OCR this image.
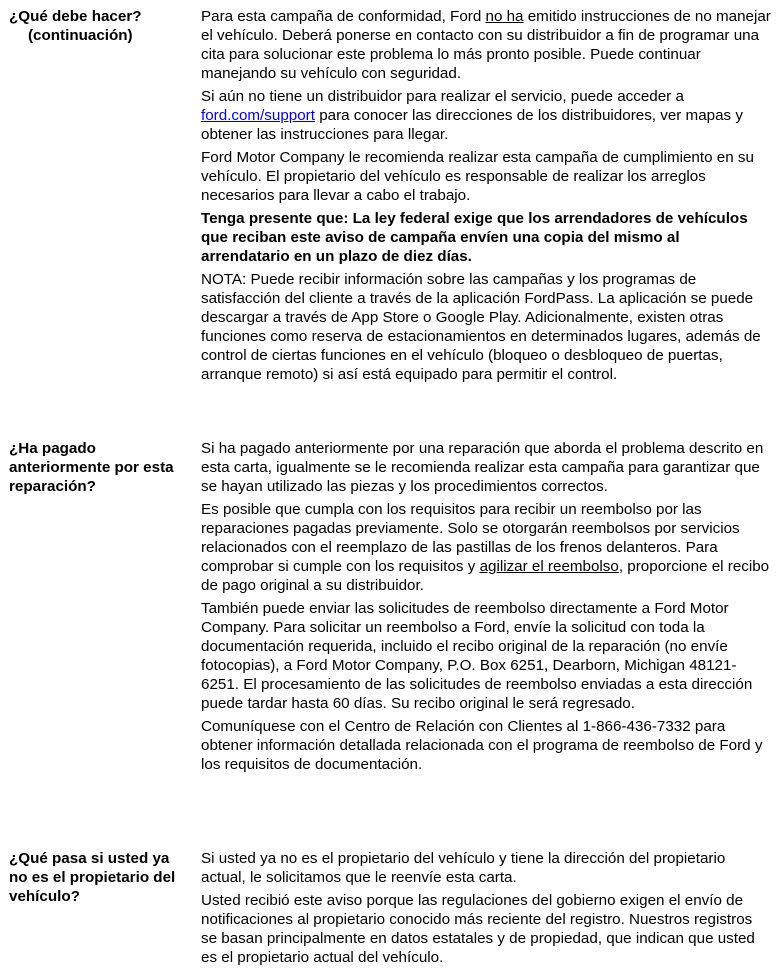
¿Qué debe hacer?
(continuación)

Para esta campaña de conformidad, Ford no ha emitido instrucciones de no manejar el vehículo. Deberá ponerse en contacto con su distribuidor a fin de programar una cita para solucionar este problema lo más pronto posible. Puede continuar manejando su vehículo con seguridad.

Si aún no tiene un distribuidor para realizar el servicio, puede acceder a ford.com/support para conocer las direcciones de los distribuidores, ver mapas y obtener las instrucciones para llegar.

Ford Motor Company le recomienda realizar esta campaña de cumplimiento en su vehículo. El propietario del vehículo es responsable de realizar los arreglos necesarios para llevar a cabo el trabajo.

Tenga presente que: La ley federal exige que los arrendadores de vehículos que reciban este aviso de campaña envíen una copia del mismo al arrendatario en un plazo de diez días.

NOTA: Puede recibir información sobre las campañas y los programas de satisfacción del cliente a través de la aplicación FordPass. La aplicación se puede descargar a través de App Store o Google Play. Adicionalmente, existen otras funciones como reserva de estacionamientos en determinados lugares, además de control de ciertas funciones en el vehículo (bloqueo o desbloqueo de puertas, arranque remoto) si así está equipado para permitir el control.

¿Ha pagado anteriormente por esta reparación?

Si ha pagado anteriormente por una reparación que aborda el problema descrito en esta carta, igualmente se le recomienda realizar esta campaña para garantizar que se hayan utilizado las piezas y los procedimientos correctos.

Es posible que cumpla con los requisitos para recibir un reembolso por las reparaciones pagadas previamente. Solo se otorgarán reembolsos por servicios relacionados con el reemplazo de las pastillas de los frenos delanteros. Para comprobar si cumple con los requisitos y agilizar el reembolso, proporcione el recibo de pago original a su distribuidor.

También puede enviar las solicitudes de reembolso directamente a Ford Motor Company. Para solicitar un reembolso a Ford, envíe la solicitud con toda la documentación requerida, incluido el recibo original de la reparación (no envíe fotocopias), a Ford Motor Company, P.O. Box 6251, Dearborn, Michigan 48121-6251. El procesamiento de las solicitudes de reembolso enviadas a esta dirección puede tardar hasta 60 días. Su recibo original le será regresado.

Comuníquese con el Centro de Relación con Clientes al 1-866-436-7332 para obtener información detallada relacionada con el programa de reembolso de Ford y los requisitos de documentación.

¿Qué pasa si usted ya no es el propietario del vehículo?

Si usted ya no es el propietario del vehículo y tiene la dirección del propietario actual, le solicitamos que le reenvíe esta carta.

Usted recibió este aviso porque las regulaciones del gobierno exigen el envío de notificaciones al propietario conocido más reciente del registro. Nuestros registros se basan principalmente en datos estatales y de propiedad, que indican que usted es el propietario actual del vehículo.
